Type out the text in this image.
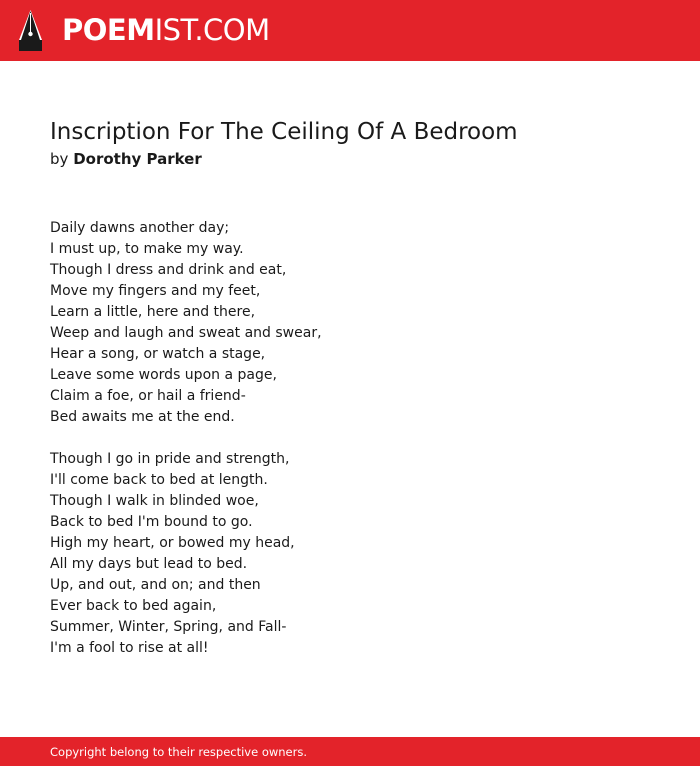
POEMIST.COM
Inscription For The Ceiling Of A Bedroom
by Dorothy Parker
Daily dawns another day;
I must up, to make my way.
Though I dress and drink and eat,
Move my fingers and my feet,
Learn a little, here and there,
Weep and laugh and sweat and swear,
Hear a song, or watch a stage,
Leave some words upon a page,
Claim a foe, or hail a friend-
Bed awaits me at the end.
Though I go in pride and strength,
I'll come back to bed at length.
Though I walk in blinded woe,
Back to bed I'm bound to go.
High my heart, or bowed my head,
All my days but lead to bed.
Up, and out, and on; and then
Ever back to bed again,
Summer, Winter, Spring, and Fall-
I'm a fool to rise at all!
Copyright belong to their respective owners.
